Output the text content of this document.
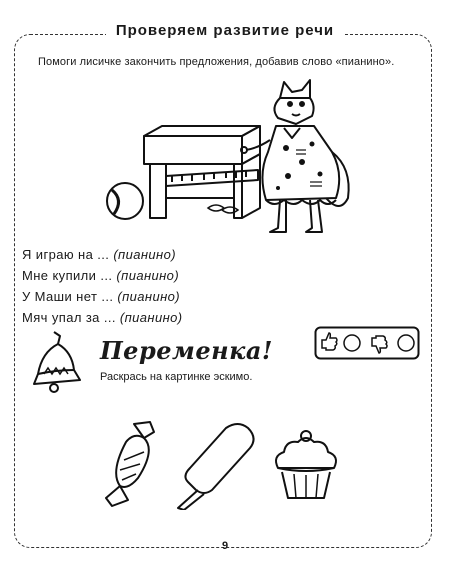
Проверяем развитие речи
Помоги лисичке закончить предложения, добавив слово «пианино».
Я играю на ... (пианино)
Мне купили ... (пианино)
У Маши нет ... (пианино)
Мяч упал за ... (пианино)
Переменка!
Раскрась на картинке эскимо.
9
